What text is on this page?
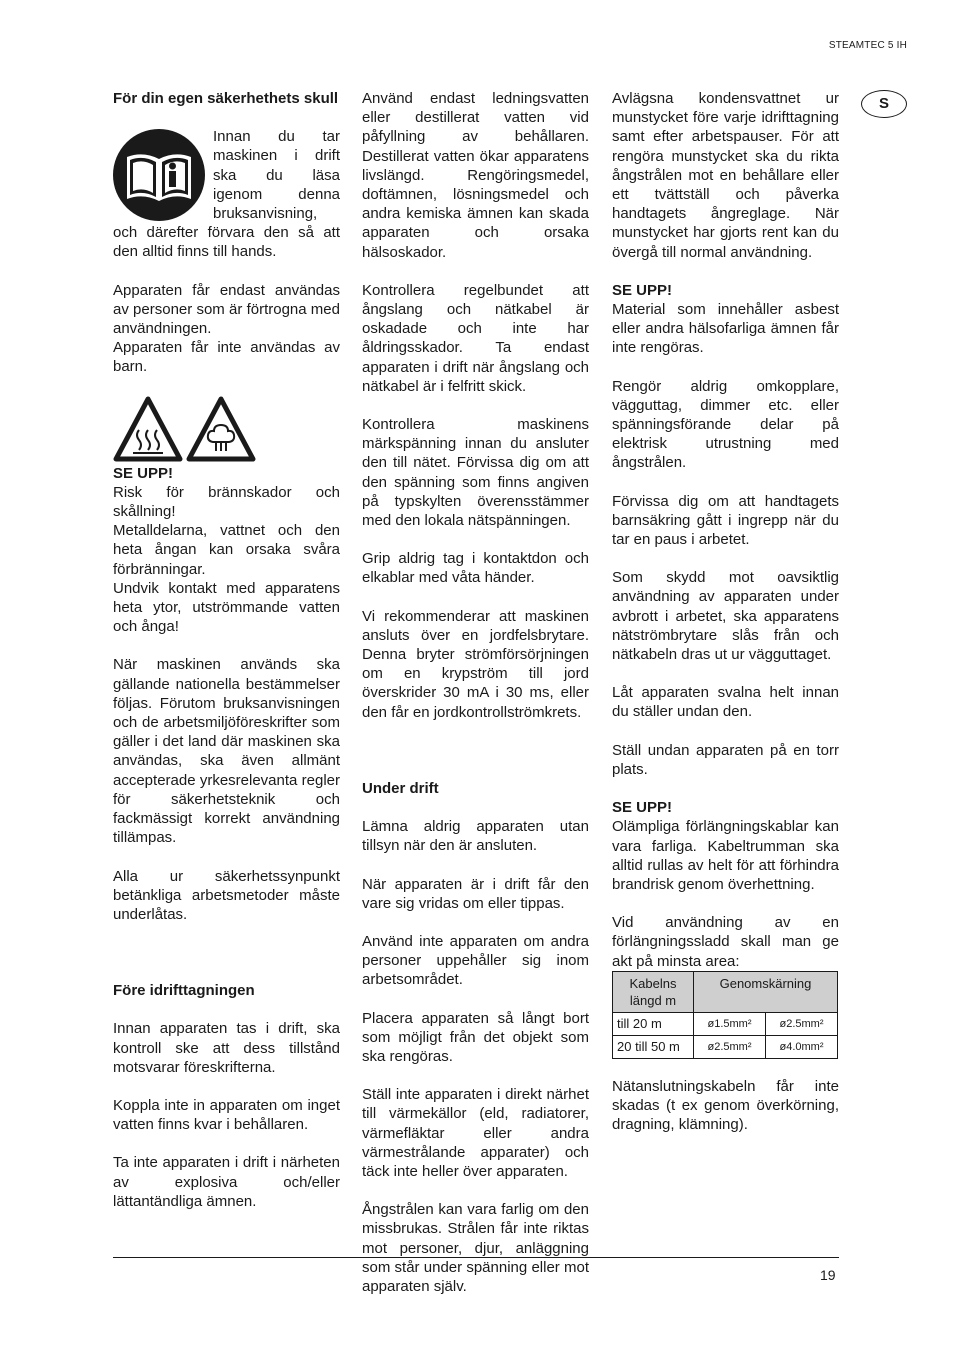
STEAMTEC 5 IH
S

För din egen säkerhethets skull

Innan du tar maskinen i drift ska du läsa igenom denna bruksanvisning, och därefter förvara den så att den alltid finns till hands.

Apparaten får endast användas av personer som är förtrogna med användningen.

Apparaten får inte användas av barn.

SE UPP!

Risk för brännskador och skållning!

Metalldelarna, vattnet och den heta ångan kan orsaka svåra förbränningar.

Undvik kontakt med apparatens heta ytor, utströmmande vatten och ånga!

När maskinen används ska gällande nationella bestämmelser följas. Förutom bruksanvisningen och de arbetsmiljöföreskrifter som gäller i det land där maskinen ska användas, ska även allmänt accepterade yrkesrelevanta regler för säkerhetsteknik och fackmässigt korrekt användning tillämpas.

Alla ur säkerhetssynpunkt betänkliga arbetsmetoder måste underlåtas.

Före idrifttagningen

Innan apparaten tas i drift, ska kontroll ske att dess tillstånd motsvarar föreskrifterna.

Koppla inte in apparaten om inget vatten finns kvar i behållaren.

Ta inte apparaten i drift i närheten av explosiva och/eller lättantändliga ämnen.

Använd endast ledningsvatten eller destillerat vatten vid påfyllning av behållaren. Destillerat vatten ökar apparatens livslängd. Rengöringsmedel, doftämnen, lösningsmedel och andra kemiska ämnen kan skada apparaten och orsaka hälsoskador.

Kontrollera regelbundet att ångslang och nätkabel är oskadade och inte har åldringsskador. Ta endast apparaten i drift när ångslang och nätkabel är i felfritt skick.

Kontrollera maskinens märkspänning innan du ansluter den till nätet. Förvissa dig om att den spänning som finns angiven på typskylten överensstämmer med den lokala nätspänningen.

Grip aldrig tag i kontaktdon och elkablar med våta händer.

Vi rekommenderar att maskinen ansluts över en jordfelsbrytare. Denna bryter strömförsörjningen om en krypström till jord överskrider 30 mA i 30 ms, eller den får en jordkontrollströmkrets.

Under drift

Lämna aldrig apparaten utan tillsyn när den är ansluten.

När apparaten är i drift får den vare sig vridas om eller tippas.

Använd inte apparaten om andra personer uppehåller sig inom arbetsområdet.

Placera apparaten så långt bort som möjligt från det objekt som ska rengöras.

Ställ inte apparaten i direkt närhet till värmekällor (eld, radiatorer, värmefläktar eller andra värmestrålande apparater) och täck inte heller över apparaten.

Ångstrålen kan vara farlig om den missbrukas. Strålen får inte riktas mot personer, djur, anläggning som står under spänning eller mot apparaten själv.

Avlägsna kondensvattnet ur munstycket före varje idrifttagning samt efter arbetspauser. För att rengöra munstycket ska du rikta ångstrålen mot en behållare eller ett tvättställ och påverka handtagets ångreglage. När munstycket har gjorts rent kan du övergå till normal användning.

SE UPP!

Material som innehåller asbest eller andra hälsofarliga ämnen får inte rengöras.

Rengör aldrig omkopplare, vägguttag, dimmer etc. eller spänningsförande delar på elektrisk utrustning med ångstrålen.

Förvissa dig om att handtagets barnsäkring gått i ingrepp när du tar en paus i arbetet.

Som skydd mot oavsiktlig användning av apparaten under avbrott i arbetet, ska apparatens nätströmbrytare slås från och nätkabeln dras ut ur vägguttaget.

Låt apparaten svalna helt innan du ställer undan den.

Ställ undan apparaten på en torr plats.

SE UPP!

Olämpliga förlängningskablar kan vara farliga. Kabeltrumman ska alltid rullas av helt för att förhindra brandrisk genom överhettning.

Vid användning av en förlängningssladd skall man ge akt på minsta area:

Kabelns längd m	Genomskärning	
till 20 m	ø1.5mm²	ø2.5mm²
20 till 50 m	ø2.5mm²	ø4.0mm²

Nätanslutningskabeln får inte skadas (t ex genom överkörning, dragning, klämning).

19
